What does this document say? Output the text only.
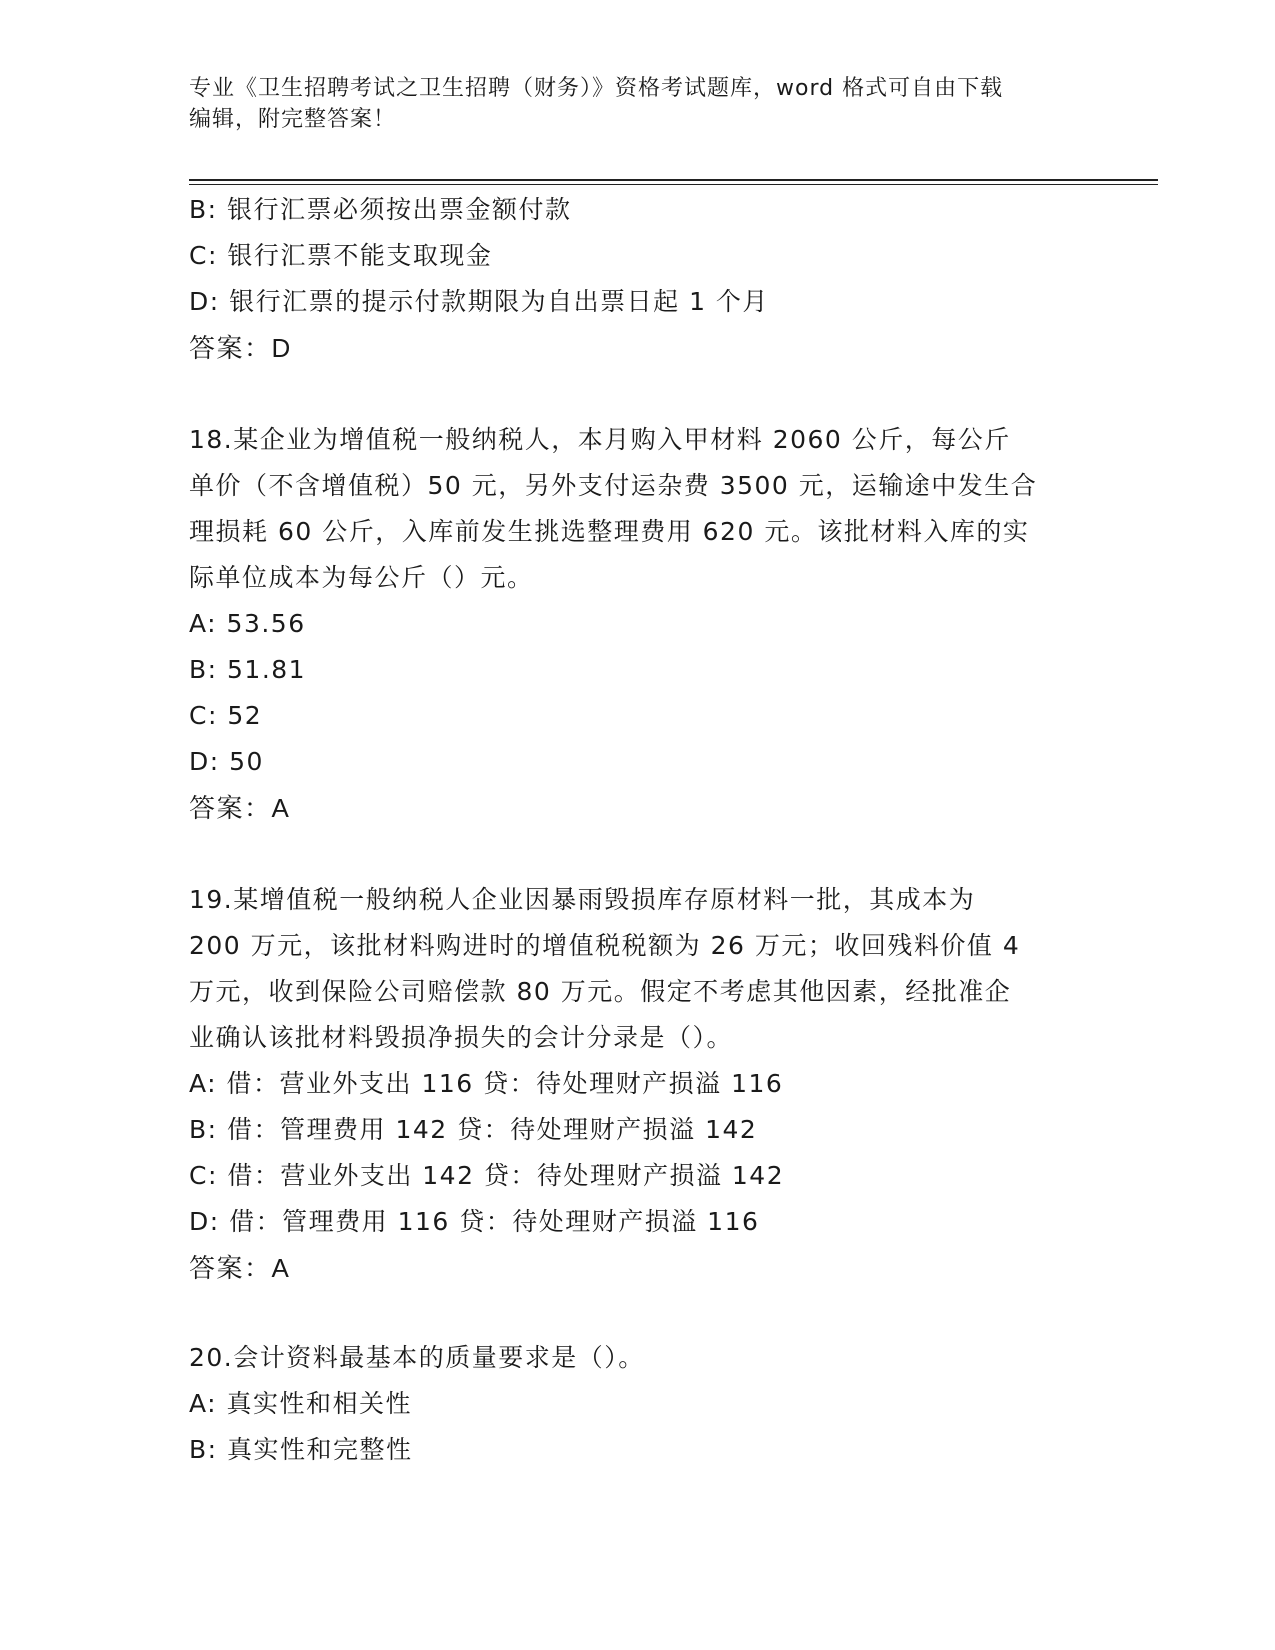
专业《卫生招聘考试之卫生招聘（财务）》资格考试题库，word 格式可自由下载
编辑，附完整答案！
B: 银行汇票必须按出票金额付款
C: 银行汇票不能支取现金
D: 银行汇票的提示付款期限为自出票日起 1 个月
答案：D
18.某企业为增值税一般纳税人，本月购入甲材料 2060 公斤，每公斤
单价（不含增值税）50 元，另外支付运杂费 3500 元，运输途中发生合
理损耗 60 公斤，入库前发生挑选整理费用 620 元。该批材料入库的实
际单位成本为每公斤（）元。
A: 53.56
B: 51.81
C: 52
D: 50
答案：A
19.某增值税一般纳税人企业因暴雨毁损库存原材料一批，其成本为
200 万元，该批材料购进时的增值税税额为 26 万元；收回残料价值 4
万元，收到保险公司赔偿款 80 万元。假定不考虑其他因素，经批准企
业确认该批材料毁损净损失的会计分录是（）。
A: 借：营业外支出 116 贷：待处理财产损溢 116
B: 借：管理费用 142 贷：待处理财产损溢 142
C: 借：营业外支出 142 贷：待处理财产损溢 142
D: 借：管理费用 116 贷：待处理财产损溢 116
答案：A
20.会计资料最基本的质量要求是（）。
A: 真实性和相关性
B: 真实性和完整性
